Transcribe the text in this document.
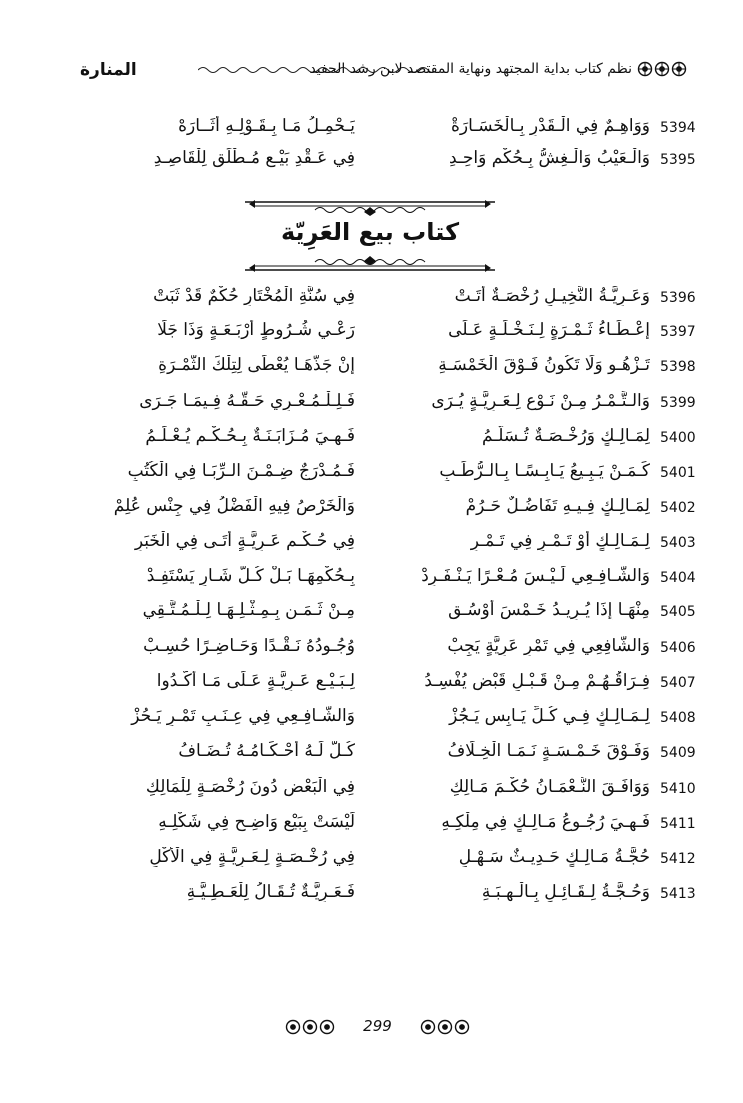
المنارة	نظم كتاب بداية المجتهد ونهاية المقتصد لابن رشد الحفيد
5394
وَوَاهِـمٌ فِي الْـقَدْرِ بِـالْخَسَـارَةْ
يَـحْمِـلُ مَـا بِـقَـوْلِـهِ أَثَــارَهْ
5395
وَالْـعَيْبُ وَالْـغِشُّ بِـحُكْمٍ وَاحِـدِ
فِي عَـقْدِ بَيْـعٍ مُـطْلَقٍ لِلْقَاصِـدِ
كتاب بيع العَرِيّة
5396
وَعَـرِيَّـةُ النَّخِيـلِ رُخْصَـةٌ أَتَـتْ
فِي سُنَّةِ الْمُخْتَارِ حُكْمٌ قَدْ ثَبَتْ
5397
إِعْـطَـاءُ ثَـمْـرَةٍ لِـنَـخْـلَـةٍ عَـلَى
رَعْـيِ شُـرُوطٍ أَرْبَـعَـةٍ وَذَا جَلَا
5398
تَـزْهُـو وَلَا تَكُونُ فَـوْقَ الْخَمْسَـةِ
إِنْ جَذَّهَـا يُعْطَى لِتِلْكَ الثَّمْـرَةِ
5399
وَالـتَّـمْـرُ مِـنْ نَـوْعٍ لِـعَـرِيَّـةٍ يُـرَى
فَـلِـلْـمُـعْـرِي حَـقُّـهُ فِـيمَـا جَـرَى
5400
لِمَـالِـكٍ وَرُخْـصَـةٌ تُـسَلَّـمُ
فَـهِـيَ مُـزَابَـنَـةٌ بِـحُـكْـمٍ يُـعْـلَـمُ
5401
كَـمَـنْ يَـبِـيعُ يَـابِـسًـا بِـالـرُّطَـبِ
فَـمُـدْرَجٌ ضِـمْـنَ الـرِّبَـا فِي الْكُتُبِ
5402
لِمَـالِـكٍ فِـيـهِ تَفَاضُـلٌ حَـرُمْ
وَالْخَرْصُ فِيهِ الْفَضْلُ فِي جِنْسٍ عُلِمْ
5403
لِـمَـالِـكٍ أَوْ تَـمْـرٍ فِي تَـمْـرِ
فِي حُـكْـمِ عَـرِيَّـةٍ أَتَـى فِي الْخَبَرِ
5404
وَالشَّـافِـعِي لَـيْـسَ مُـعْـرًا يَـنْـفَـرِدْ
بِـحُكْمِهَـا بَـلْ كُـلُّ شَـارٍ يَسْتَفِـدْ
5405
مِنْهَـا إِذَا يُـرِيـدُ خَـمْسَ أَوْسُـقِ
مِـنْ ثَـمَـنٍ بِـمِـثْـلِـهَـا لِـلْـمُـتَّـقِي
5406
وَالشَّافِعِي فِي تَمْرِ عَرِيَّةٍ يَجِبْ
وُجُـودُهُ نَـقْـدًا وَحَـاضِـرًا حُسِـبْ
5407
فِـرَاقُـهُـمْ مِـنْ قَـبْـلِ قَبْضٍ يُفْسِـدُ
لِـبَـيْـعِ عَـرِيَّـةٍ عَـلَى مَـا أَكَّـدُوا
5408
لِـمَـالِـكٍ فِـي كُـلِّ يَـابِسٍ يَـجُزْ
وَالشَّـافِـعِي فِي عِـنَـبٍ تَمْـرٍ يَـحُزْ
5409
وَفَـوْقَ خَـمْـسَـةٍ نَـمَـا الْخِـلَافُ
كُـلٌّ لَـهُ أَحْـكَـامُـهُ تُـضَـافُ
5410
وَوَافَـقَ النُّـعْمَـانُ حُكْـمَ مَـالِكِ
فِي الْبَعْضِ دُونَ رُخْصَـةٍ لِلْمَالِكِ
5411
فَـهِـيَ رُجُـوعُ مَـالِـكٍ فِي مِلْكِـهِ
لَيْسَتْ بِبَيْعٍ وَاضِـحٍ فِي شَكْلِـهِ
5412
حُجَّـةُ مَـالِـكٍ حَـدِيـثٌ سَـهْـلِ
فِي رُخْـصَـةٍ لِـعَـرِيَّـةٍ فِي الْأَكْلِ
5413
وَحُـجَّـةُ لِـقَـائِـلٍ بِـالْـهِـبَـةِ
فَـعَـرِيَّـةٌ تُـقَـالُ لِلْعَـطِـيَّـةِ
299
